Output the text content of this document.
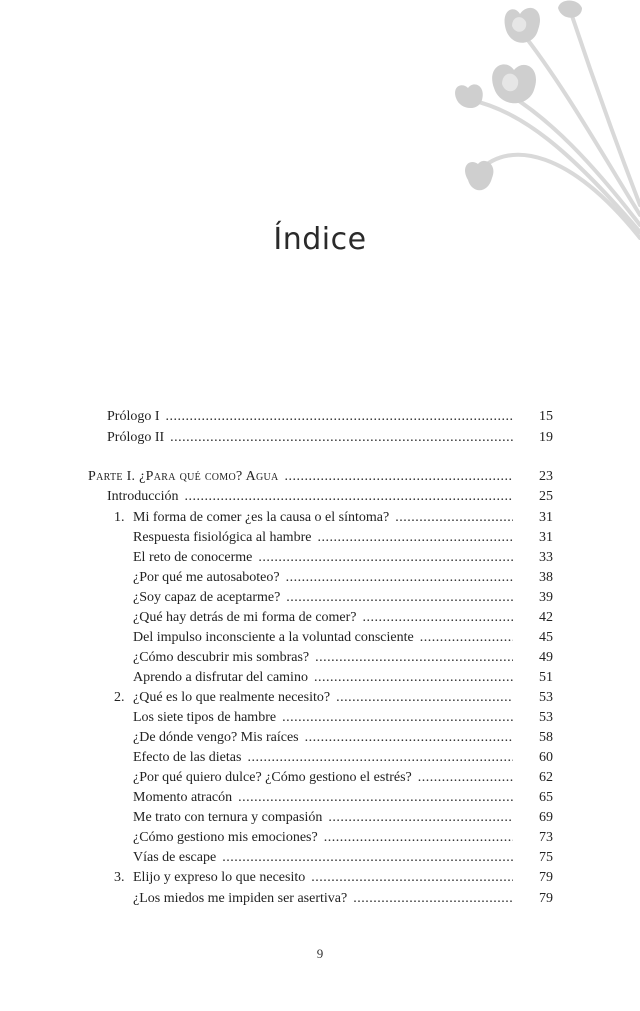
Índice
Prólogo I .....	15
Prólogo II .....	19
Parte I. ¿Para qué como? Agua .....	23
Introducción .....	25
1. Mi forma de comer ¿es la causa o el síntoma? .....	31
Respuesta fisiológica al hambre .....	31
El reto de conocerme .....	33
¿Por qué me autosaboteo? .....	38
¿Soy capaz de aceptarme? .....	39
¿Qué hay detrás de mi forma de comer? .....	42
Del impulso inconsciente a la voluntad consciente .....	45
¿Cómo descubrir mis sombras? .....	49
Aprendo a disfrutar del camino .....	51
2. ¿Qué es lo que realmente necesito? .....	53
Los siete tipos de hambre .....	53
¿De dónde vengo? Mis raíces .....	58
Efecto de las dietas .....	60
¿Por qué quiero dulce? ¿Cómo gestiono el estrés? .....	62
Momento atracón .....	65
Me trato con ternura y compasión .....	69
¿Cómo gestiono mis emociones? .....	73
Vías de escape .....	75
3. Elijo y expreso lo que necesito .....	79
¿Los miedos me impiden ser asertiva? .....	79
9
